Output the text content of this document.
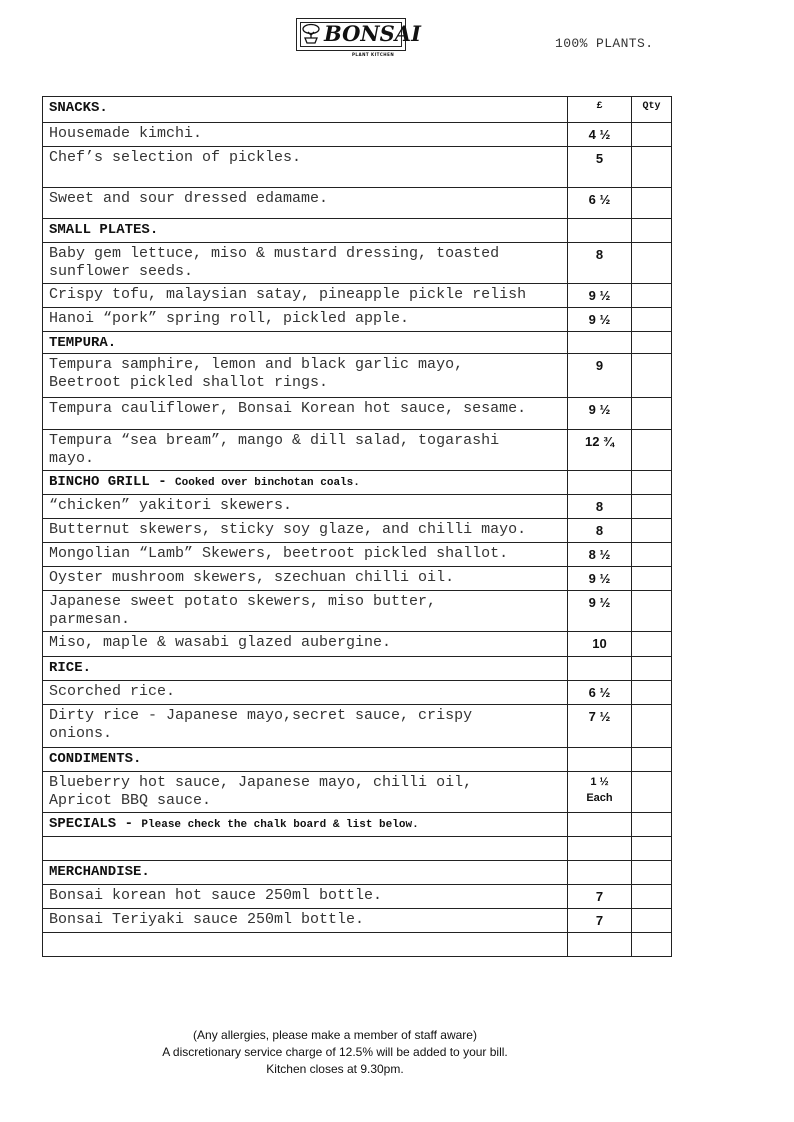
BONSAI
PLANT KITCHEN
100% PLANTS.
SNACKS.	£	Qty

Housemade kimchi.	4 ½	

Chef’s selection of pickles.	5	

Sweet and sour dressed edamame.	6 ½	

SMALL PLATES.		

Baby gem lettuce, miso & mustard dressing, toasted
sunflower seeds.	8	

Crispy tofu, malaysian satay, pineapple pickle relish	9 ½	

Hanoi “pork” spring roll, pickled apple.	9 ½	

TEMPURA.		

Tempura samphire, lemon and black garlic mayo,
Beetroot pickled shallot rings.	9	

Tempura cauliflower, Bonsai Korean hot sauce, sesame.	9 ½	

Tempura “sea bream”, mango & dill salad, togarashi
mayo.	12 ¾	

BINCHO GRILL - Cooked over binchotan coals.		

“chicken” yakitori skewers.	8	

Butternut skewers, sticky soy glaze, and chilli mayo.	8	

Mongolian “Lamb” Skewers, beetroot pickled shallot.	8 ½	

Oyster mushroom skewers, szechuan chilli oil.	9 ½	

Japanese sweet potato skewers, miso butter,
parmesan.	9 ½	

Miso, maple & wasabi glazed aubergine.	10	

RICE.		

Scorched rice.	6 ½	

Dirty rice - Japanese mayo,secret sauce, crispy
onions.	7 ½	

CONDIMENTS.		

Blueberry hot sauce, Japanese mayo, chilli oil,
Apricot BBQ sauce.	1 ½
Each	

SPECIALS - Please check the chalk board & list below.		

MERCHANDISE.		

Bonsai korean hot sauce 250ml bottle.	7	

Bonsai Teriyaki sauce 250ml bottle.	7	

(Any allergies, please make a member of staff aware)
A discretionary service charge of 12.5% will be added to your bill.
Kitchen closes at 9.30pm.
